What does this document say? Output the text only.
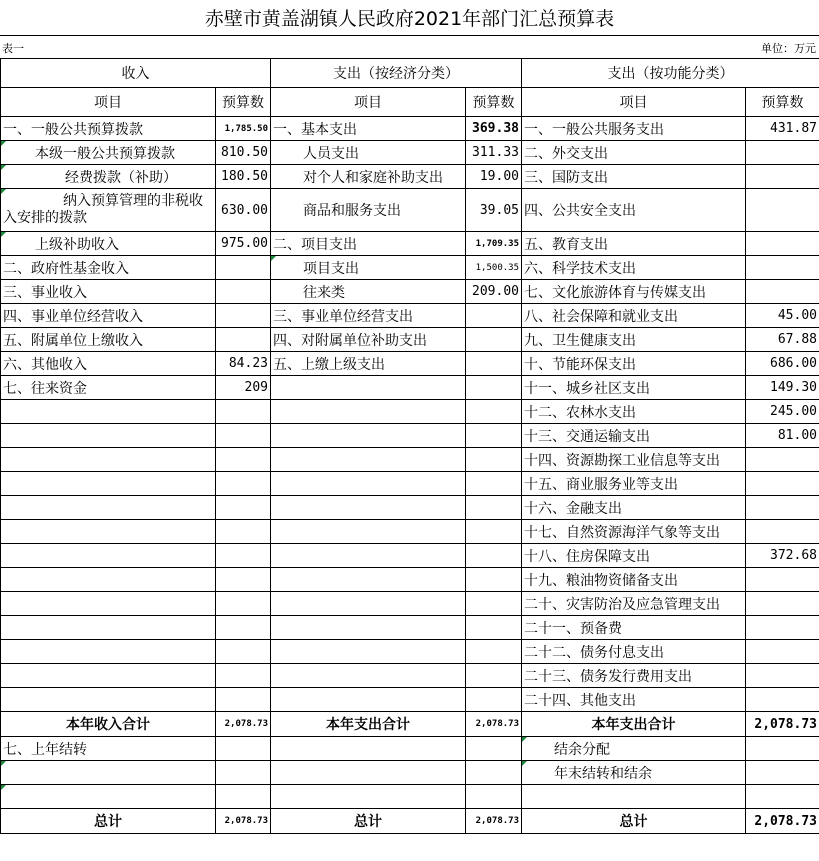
赤壁市黄盖湖镇人民政府2021年部门汇总预算表
表一	单位：万元
收入		支出（按经济分类）		支出（按功能分类）	
项目	预算数	项目	预算数	项目	预算数
一、一般公共预算拨款	1,785.50	一、基本支出	369.38	一、一般公共服务支出	431.87
本级一般公共预算拨款	810.50	人员支出	311.33	二、外交支出	
经费拨款（补助）	180.50	对个人和家庭补助支出	19.00	三、国防支出	
纳入预算管理的非税收入安排的拨款	630.00	商品和服务支出	39.05	四、公共安全支出	
上级补助收入	975.00	二、项目支出	1,709.35	五、教育支出	
二、政府性基金收入		项目支出	1,500.35	六、科学技术支出	
三、事业收入		往来类	209.00	七、文化旅游体育与传媒支出	
四、事业单位经营收入		三、事业单位经营支出		八、社会保障和就业支出	45.00
五、附属单位上缴收入		四、对附属单位补助支出		九、卫生健康支出	67.88
六、其他收入	84.23	五、上缴上级支出		十、节能环保支出	686.00
七、往来资金	209			十一、城乡社区支出	149.30
				十二、农林水支出	245.00
				十三、交通运输支出	81.00
				十四、资源勘探工业信息等支出	
				十五、商业服务业等支出	
				十六、金融支出	
				十七、自然资源海洋气象等支出	
				十八、住房保障支出	372.68
				十九、粮油物资储备支出	
				二十、灾害防治及应急管理支出	
				二十一、预备费	
				二十二、债务付息支出	
				二十三、债务发行费用支出	
				二十四、其他支出	
本年收入合计	2,078.73	本年支出合计	2,078.73	本年支出合计	2,078.73
七、上年结转				结余分配	
				年末结转和结余	

总计	2,078.73	总计	2,078.73	总计	2,078.73
